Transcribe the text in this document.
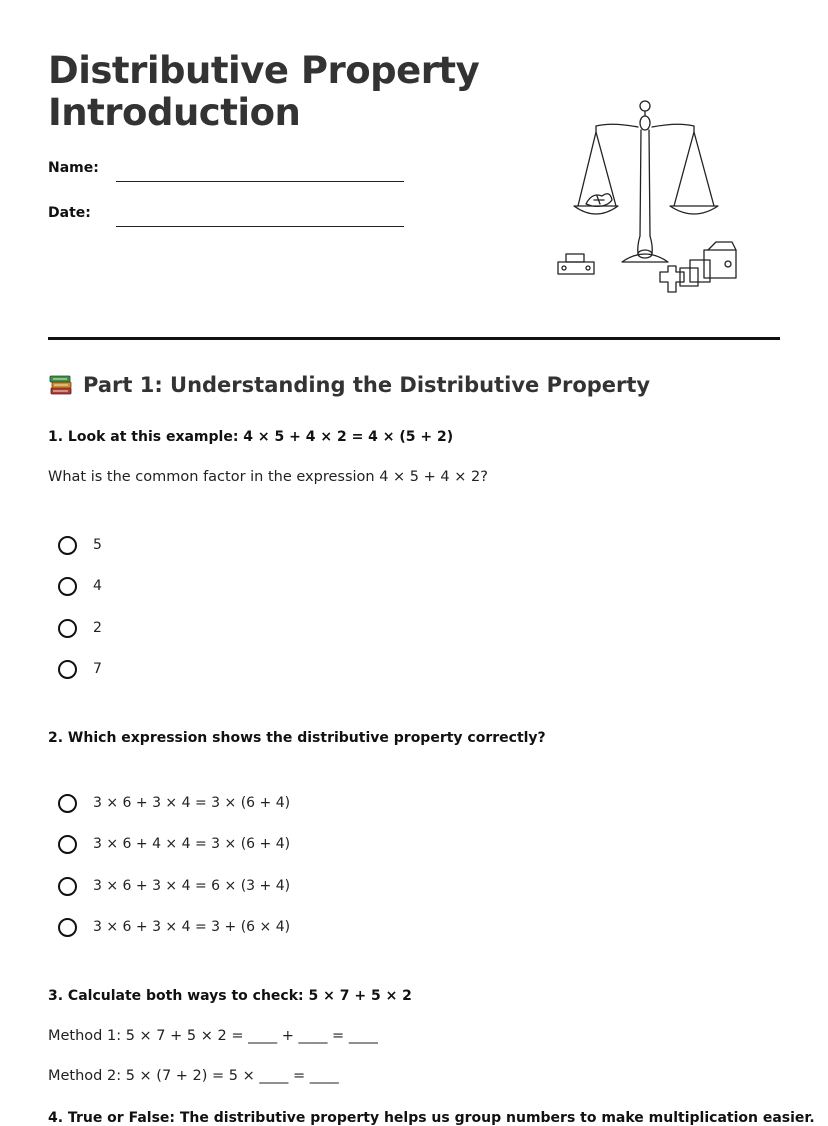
Distributive Property
Introduction
Name:
Date:
Part 1: Understanding the Distributive Property
1. Look at this example: 4 × 5 + 4 × 2 = 4 × (5 + 2)
What is the common factor in the expression 4 × 5 + 4 × 2?
5
4
2
7
2. Which expression shows the distributive property correctly?
3 × 6 + 3 × 4 = 3 × (6 + 4)
3 × 6 + 4 × 4 = 3 × (6 + 4)
3 × 6 + 3 × 4 = 6 × (3 + 4)
3 × 6 + 3 × 4 = 3 + (6 × 4)
3. Calculate both ways to check: 5 × 7 + 5 × 2
Method 1: 5 × 7 + 5 × 2 = ____ + ____ = ____
Method 2: 5 × (7 + 2) = 5 × ____ = ____
4. True or False: The distributive property helps us group numbers to make multiplication easier.
